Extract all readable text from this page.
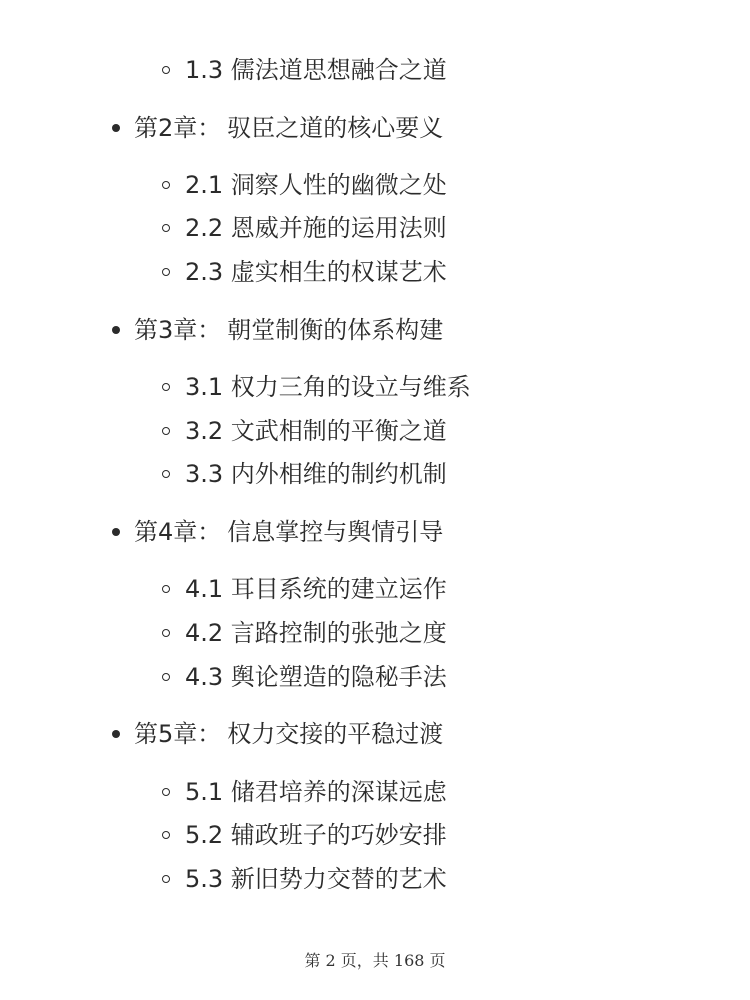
1.3 儒法道思想融合之道
第2章： 驭臣之道的核心要义
2.1 洞察人性的幽微之处
2.2 恩威并施的运用法则
2.3 虚实相生的权谋艺术
第3章： 朝堂制衡的体系构建
3.1 权力三角的设立与维系
3.2 文武相制的平衡之道
3.3 内外相维的制约机制
第4章： 信息掌控与舆情引导
4.1 耳目系统的建立运作
4.2 言路控制的张弛之度
4.3 舆论塑造的隐秘手法
第5章： 权力交接的平稳过渡
5.1 储君培养的深谋远虑
5.2 辅政班子的巧妙安排
5.3 新旧势力交替的艺术
第 2 页，共 168 页
